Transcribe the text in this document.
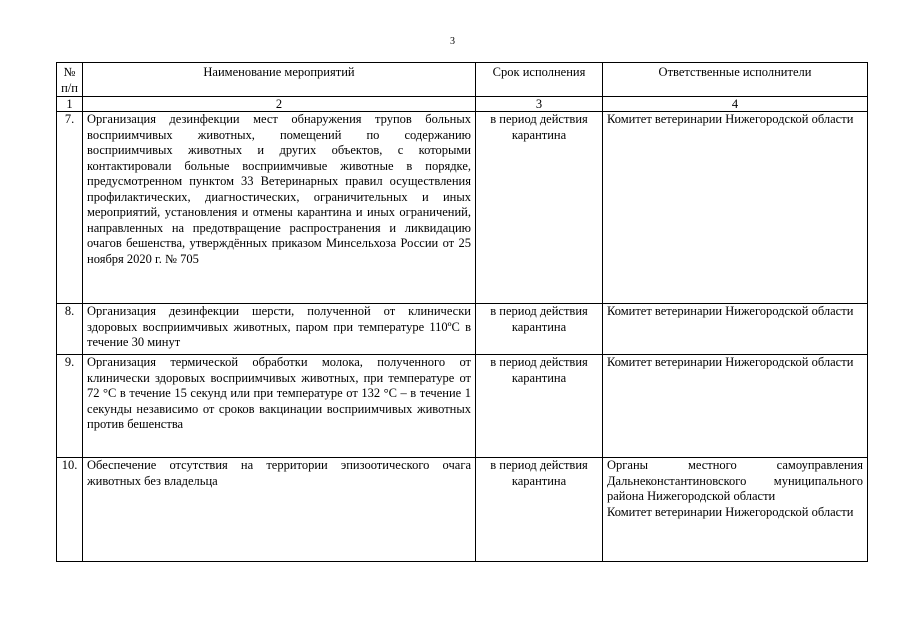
3
№ п/п	Наименование мероприятий	Срок исполнения	Ответственные исполнители
1	2	3	4
7.	Организация дезинфекции мест обнаружения трупов больных восприимчивых животных, помещений по содержанию восприимчивых животных и других объектов, с которыми контактировали больные восприимчивые животные в порядке, предусмотренном пунктом 33 Ветеринарных правил осуществления профилактических, диагностических, ограничительных и иных мероприятий, установления и отмены карантина и иных ограничений, направленных на предотвращение распространения и ликвидацию очагов бешенства, утверждённых приказом Минсельхоза России от 25 ноября 2020 г. № 705	в период действия карантина	Комитет ветеринарии Нижегородской области
8.	Организация дезинфекции шерсти, полученной от клинически здоровых восприимчивых животных, паром при температуре 110ºС в течение 30 минут	в период действия карантина	Комитет ветеринарии Нижегородской области
9.	Организация термической обработки молока, полученного от клинически здоровых восприимчивых животных, при температуре от 72 °С в течение 15 секунд или при температуре от 132 °С – в течение 1 секунды независимо от сроков вакцинации восприимчивых животных против бешенства	в период действия карантина	Комитет ветеринарии Нижегородской области
10.	Обеспечение отсутствия на территории эпизоотического очага животных без владельца	в период действия карантина	Органы местного самоуправления Дальнеконстантиновского муниципального района Нижегородской области
Комитет ветеринарии Нижегородской области
